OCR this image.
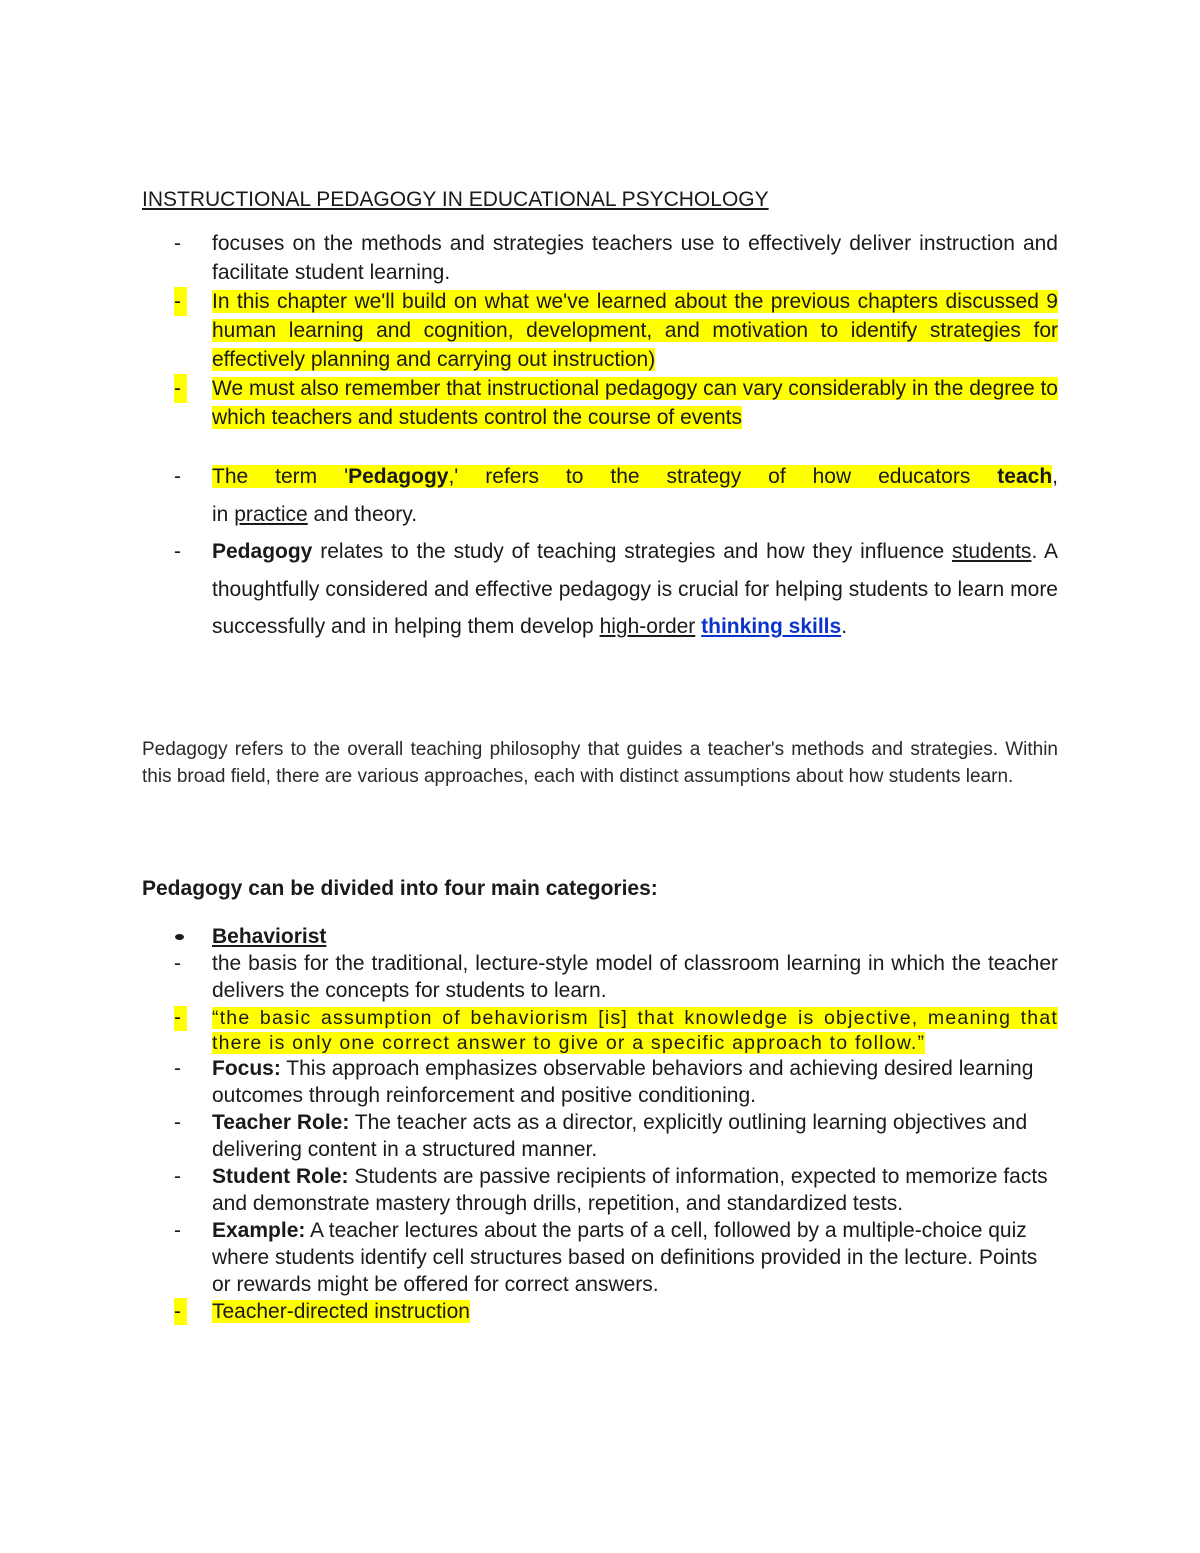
INSTRUCTIONAL PEDAGOGY IN EDUCATIONAL PSYCHOLOGY
- focuses on the methods and strategies teachers use to effectively deliver instruction and facilitate student learning.
- In this chapter we'll build on what we've learned about the previous chapters discussed 9 human learning and cognition, development, and motivation to identify strategies for effectively planning and carrying out instruction)
- We must also remember that instructional pedagogy can vary considerably in the degree to which teachers and students control the course of events
- The term 'Pedagogy,' refers to the strategy of how educators teach,
in practice and theory.
- Pedagogy relates to the study of teaching strategies and how they influence students. A thoughtfully considered and effective pedagogy is crucial for helping students to learn more successfully and in helping them develop high-order thinking skills.
Pedagogy refers to the overall teaching philosophy that guides a teacher's methods and strategies. Within this broad field, there are various approaches, each with distinct assumptions about how students learn.
Pedagogy can be divided into four main categories:
Behaviorist
- the basis for the traditional, lecture-style model of classroom learning in which the teacher delivers the concepts for students to learn.
-	“the basic assumption of behaviorism [is] that knowledge is objective, meaning that there is only one correct answer to give or a specific approach to follow.”
- Focus: This approach emphasizes observable behaviors and achieving desired learning outcomes through reinforcement and positive conditioning.
- Teacher Role: The teacher acts as a director, explicitly outlining learning objectives and delivering content in a structured manner.
- Student Role: Students are passive recipients of information, expected to memorize facts and demonstrate mastery through drills, repetition, and standardized tests.
- Example: A teacher lectures about the parts of a cell, followed by a multiple-choice quiz where students identify cell structures based on definitions provided in the lecture. Points or rewards might be offered for correct answers.
- Teacher-directed instruction
